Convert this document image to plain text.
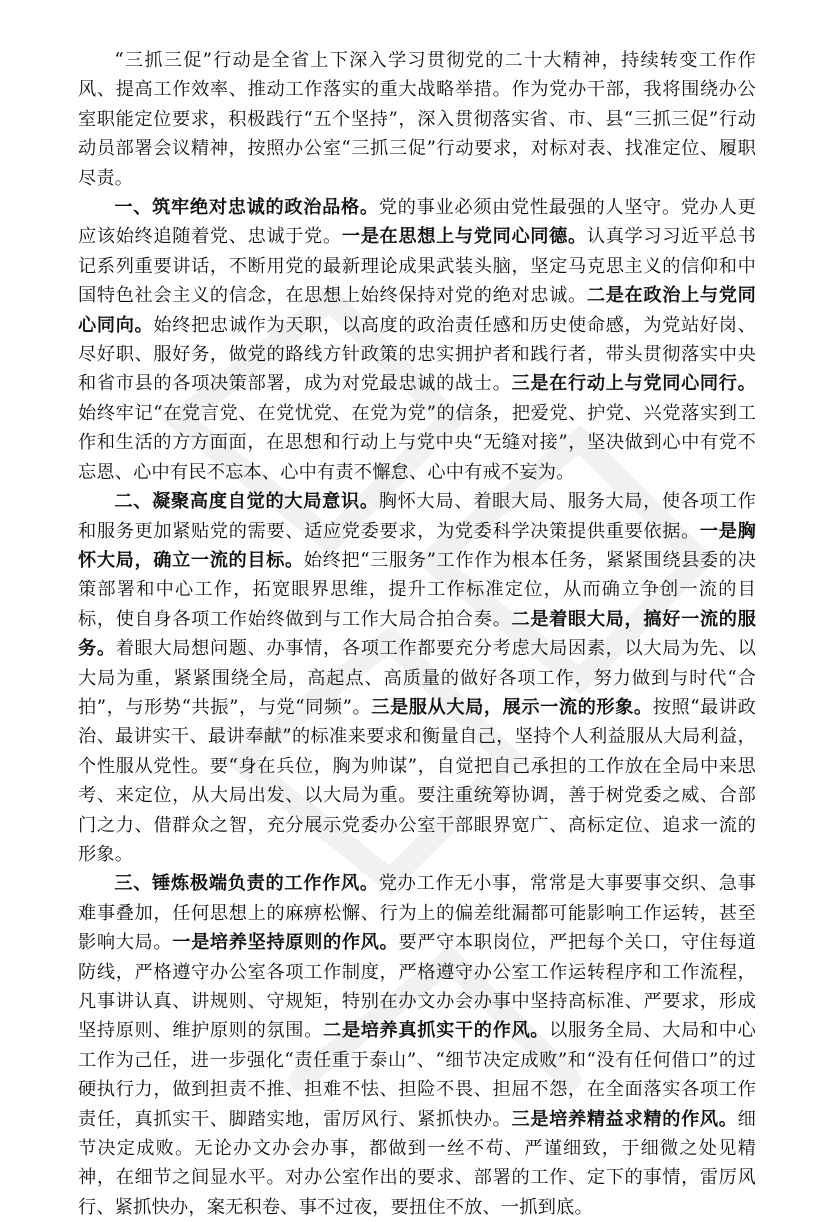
“三抓三促”行动是全省上下深入学习贯彻党的二十大精神，持续转变工作作风、提高工作效率、推动工作落实的重大战略举措。作为党办干部，我将围绕办公室职能定位要求，积极践行“五个坚持”，深入贯彻落实省、市、县“三抓三促”行动动员部署会议精神，按照办公室“三抓三促”行动要求，对标对表、找准定位、履职尽责。

一、筑牢绝对忠诚的政治品格。党的事业必须由党性最强的人坚守。党办人更应该始终追随着党、忠诚于党。一是在思想上与党同心同德。认真学习习近平总书记系列重要讲话，不断用党的最新理论成果武装头脑，坚定马克思主义的信仰和中国特色社会主义的信念，在思想上始终保持对党的绝对忠诚。二是在政治上与党同心同向。始终把忠诚作为天职，以高度的政治责任感和历史使命感，为党站好岗、尽好职、服好务，做党的路线方针政策的忠实拥护者和践行者，带头贯彻落实中央和省市县的各项决策部署，成为对党最忠诚的战士。三是在行动上与党同心同行。始终牢记“在党言党、在党忧党、在党为党”的信条，把爱党、护党、兴党落实到工作和生活的方方面面，在思想和行动上与党中央“无缝对接”，坚决做到心中有党不忘恩、心中有民不忘本、心中有责不懈怠、心中有戒不妄为。

二、凝聚高度自觉的大局意识。胸怀大局、着眼大局、服务大局，使各项工作和服务更加紧贴党的需要、适应党委要求，为党委科学决策提供重要依据。一是胸怀大局，确立一流的目标。始终把“三服务”工作作为根本任务，紧紧围绕县委的决策部署和中心工作，拓宽眼界思维，提升工作标准定位，从而确立争创一流的目标，使自身各项工作始终做到与工作大局合拍合奏。二是着眼大局，搞好一流的服务。着眼大局想问题、办事情，各项工作都要充分考虑大局因素，以大局为先、以大局为重，紧紧围绕全局，高起点、高质量的做好各项工作，努力做到与时代“合拍”，与形势“共振”，与党“同频”。三是服从大局，展示一流的形象。按照“最讲政治、最讲实干、最讲奉献”的标准来要求和衡量自己，坚持个人利益服从大局利益，个性服从党性。要“身在兵位，胸为帅谋”，自觉把自己承担的工作放在全局中来思考、来定位，从大局出发、以大局为重。要注重统筹协调，善于树党委之威、合部门之力、借群众之智，充分展示党委办公室干部眼界宽广、高标定位、追求一流的形象。

三、锤炼极端负责的工作作风。党办工作无小事，常常是大事要事交织、急事难事叠加，任何思想上的麻痹松懈、行为上的偏差纰漏都可能影响工作运转，甚至影响大局。一是培养坚持原则的作风。要严守本职岗位，严把每个关口，守住每道防线，严格遵守办公室各项工作制度，严格遵守办公室工作运转程序和工作流程，凡事讲认真、讲规则、守规矩，特别在办文办会办事中坚持高标准、严要求，形成坚持原则、维护原则的氛围。二是培养真抓实干的作风。以服务全局、大局和中心工作为己任，进一步强化“责任重于泰山”、“细节决定成败”和“没有任何借口”的过硬执行力，做到担责不推、担难不怯、担险不畏、担屈不怨，在全面落实各项工作责任，真抓实干、脚踏实地，雷厉风行、紧抓快办。三是培养精益求精的作风。细节决定成败。无论办文办会办事，都做到一丝不苟、严谨细致，于细微之处见精神，在细节之间显水平。对办公室作出的要求、部署的工作、定下的事情，雷厉风行、紧抓快办，案无积卷、事不过夜，要扭住不放、一抓到底。
